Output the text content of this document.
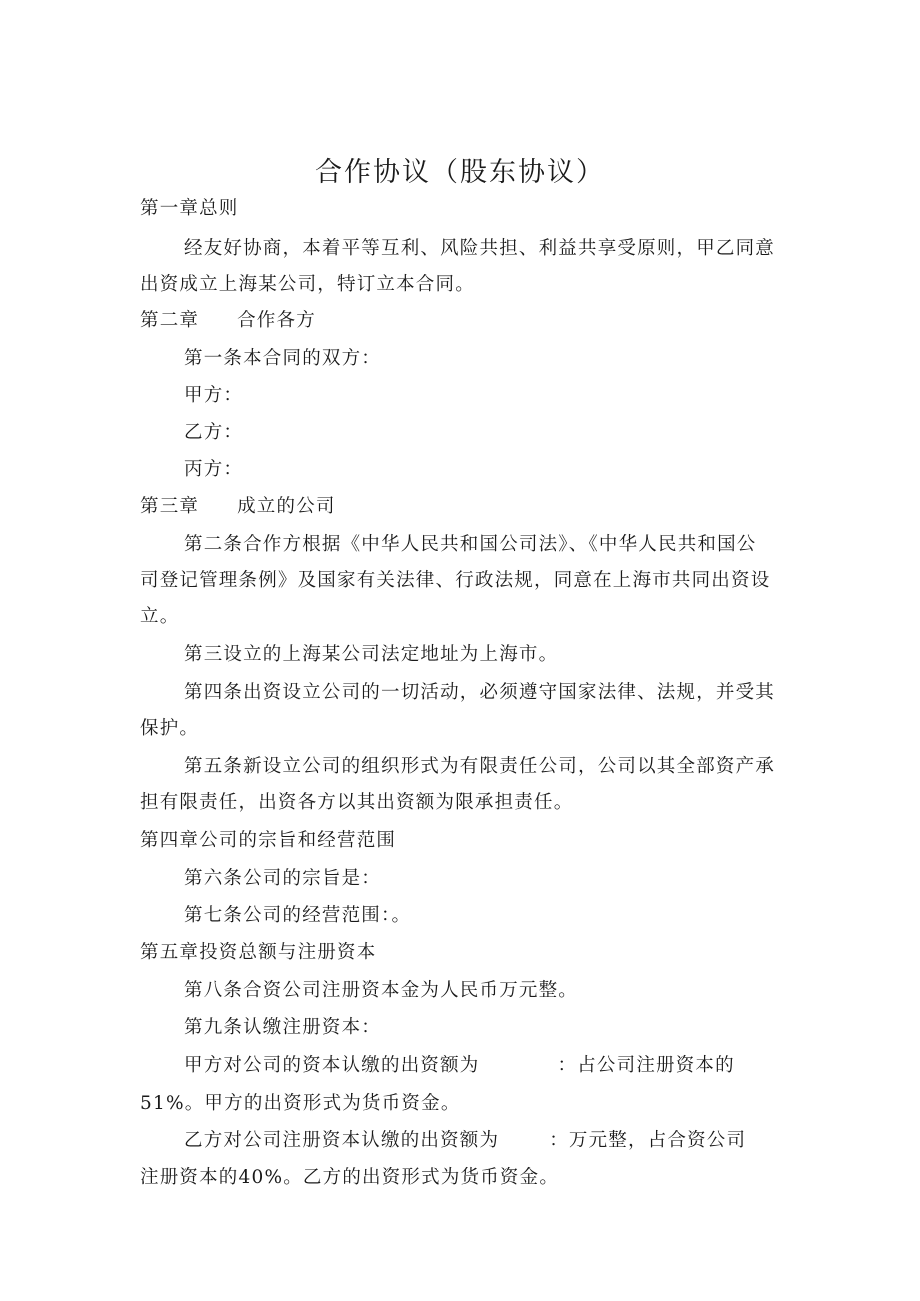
合作协议（股东协议）
第一章总则
经友好协商，本着平等互利、风险共担、利益共享受原则，甲乙同意
出资成立上海某公司，特订立本合同。
第二章 合作各方
第一条本合同的双方：
甲方：
乙方：
丙方：
第三章 成立的公司
第二条合作方根据《中华人民共和国公司法》、《中华人民共和国公
司登记管理条例》及国家有关法律、行政法规，同意在上海市共同出资设
立。
第三设立的上海某公司法定地址为上海市。
第四条出资设立公司的一切活动，必须遵守国家法律、法规，并受其
保护。
第五条新设立公司的组织形式为有限责任公司，公司以其全部资产承
担有限责任，出资各方以其出资额为限承担责任。
第四章公司的宗旨和经营范围
第六条公司的宗旨是：
第七条公司的经营范围：。
第五章投资总额与注册资本
第八条合资公司注册资本金为人民币万元整。
第九条认缴注册资本：
甲方对公司的资本认缴的出资额为	：占公司注册资本的
51%。甲方的出资形式为货币资金。
乙方对公司注册资本认缴的出资额为	：万元整，占合资公司
注册资本的40%。乙方的出资形式为货币资金。
